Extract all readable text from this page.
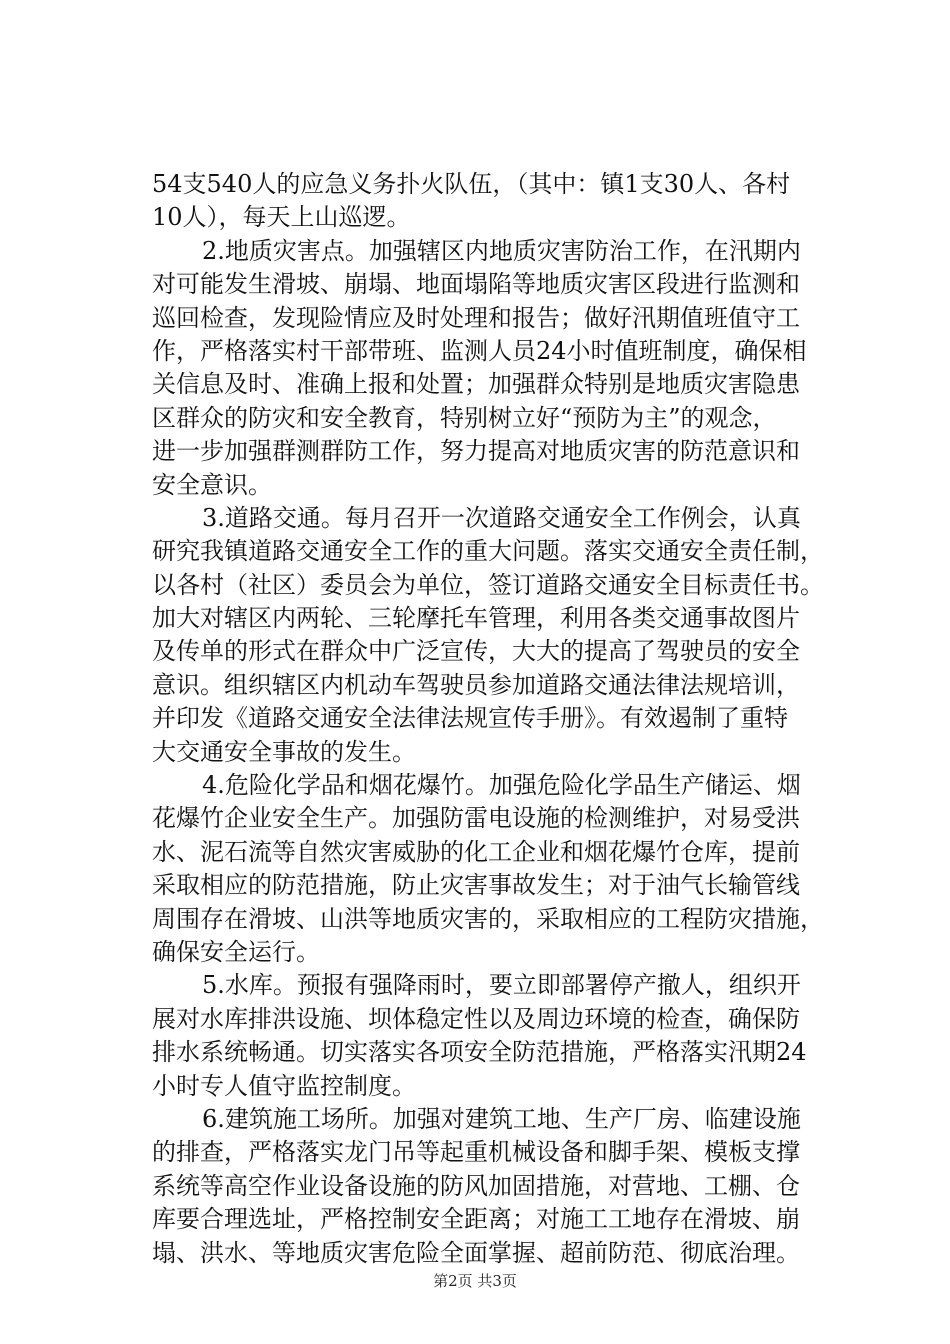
54支540人的应急义务扑火队伍，（其中：镇1支30人、各村
10人），每天上山巡逻。
2.地质灾害点。加强辖区内地质灾害防治工作，在汛期内
对可能发生滑坡、崩塌、地面塌陷等地质灾害区段进行监测和
巡回检查，发现险情应及时处理和报告；做好汛期值班值守工
作，严格落实村干部带班、监测人员24小时值班制度，确保相
关信息及时、准确上报和处置；加强群众特别是地质灾害隐患
区群众的防灾和安全教育，特别树立好“预防为主”的观念，
进一步加强群测群防工作，努力提高对地质灾害的防范意识和
安全意识。
3.道路交通。每月召开一次道路交通安全工作例会，认真
研究我镇道路交通安全工作的重大问题。落实交通安全责任制，
以各村（社区）委员会为单位，签订道路交通安全目标责任书。
加大对辖区内两轮、三轮摩托车管理，利用各类交通事故图片
及传单的形式在群众中广泛宣传，大大的提高了驾驶员的安全
意识。组织辖区内机动车驾驶员参加道路交通法律法规培训，
并印发《道路交通安全法律法规宣传手册》。有效遏制了重特
大交通安全事故的发生。
4.危险化学品和烟花爆竹。加强危险化学品生产储运、烟
花爆竹企业安全生产。加强防雷电设施的检测维护，对易受洪
水、泥石流等自然灾害威胁的化工企业和烟花爆竹仓库，提前
采取相应的防范措施，防止灾害事故发生；对于油气长输管线
周围存在滑坡、山洪等地质灾害的，采取相应的工程防灾措施，
确保安全运行。
5.水库。预报有强降雨时，要立即部署停产撤人，组织开
展对水库排洪设施、坝体稳定性以及周边环境的检查，确保防
排水系统畅通。切实落实各项安全防范措施，严格落实汛期24
小时专人值守监控制度。
6.建筑施工场所。加强对建筑工地、生产厂房、临建设施
的排查，严格落实龙门吊等起重机械设备和脚手架、模板支撑
系统等高空作业设备设施的防风加固措施，对营地、工棚、仓
库要合理选址，严格控制安全距离；对施工工地存在滑坡、崩
塌、洪水、等地质灾害危险全面掌握、超前防范、彻底治理。
第2页 共3页
